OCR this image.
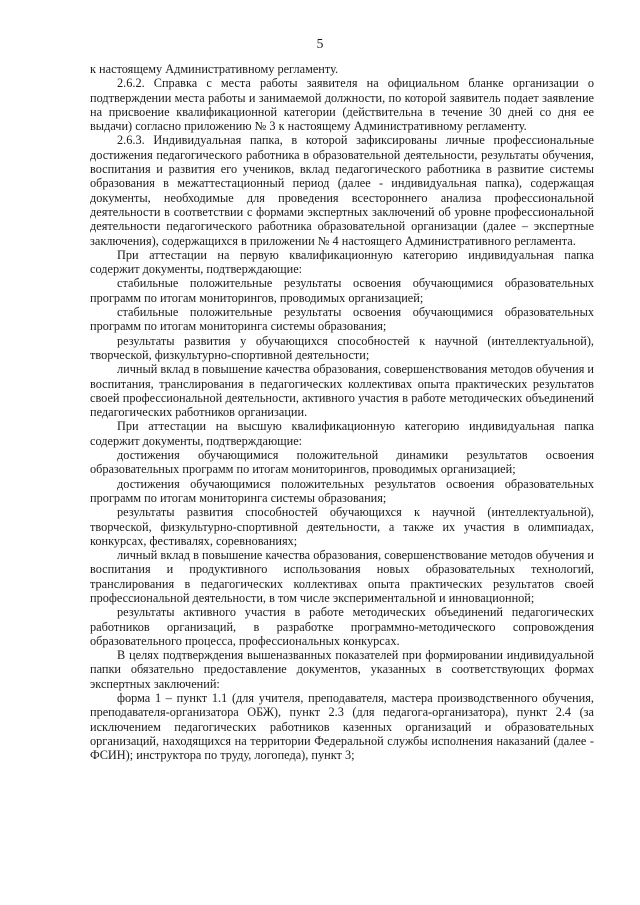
5

к настоящему Административному регламенту.

2.6.2. Справка с места работы заявителя на официальном бланке организации о подтверждении места работы и занимаемой должности, по которой заявитель подает заявление на присвоение квалификационной категории (действительна в течение 30 дней со дня ее выдачи) согласно приложению № 3 к настоящему Административному регламенту.

2.6.3. Индивидуальная папка, в которой зафиксированы личные профессиональные достижения педагогического работника в образовательной деятельности, результаты обучения, воспитания и развития его учеников, вклад педагогического работника в развитие системы образования в межаттестационный период (далее - индивидуальная папка), содержащая документы, необходимые для проведения всестороннего анализа профессиональной деятельности в соответствии с формами экспертных заключений об уровне профессиональной деятельности педагогического работника образовательной организации (далее – экспертные заключения), содержащихся в приложении № 4 настоящего Административного регламента.

При аттестации на первую квалификационную категорию индивидуальная папка содержит документы, подтверждающие:

стабильные положительные результаты освоения обучающимися образовательных программ по итогам мониторингов, проводимых организацией;

стабильные положительные результаты освоения обучающимися образовательных программ по итогам мониторинга системы образования;

результаты развития у обучающихся способностей к научной (интеллектуальной), творческой, физкультурно-спортивной деятельности;

личный вклад в повышение качества образования, совершенствования методов обучения и воспитания, транслирования в педагогических коллективах опыта практических результатов своей профессиональной деятельности, активного участия в работе методических объединений педагогических работников организации.

При аттестации на высшую квалификационную категорию индивидуальная папка содержит документы, подтверждающие:

достижения обучающимися положительной динамики результатов освоения образовательных программ по итогам мониторингов, проводимых организацией;

достижения обучающимися положительных результатов освоения образовательных программ по итогам мониторинга системы образования;

результаты развития способностей обучающихся к научной (интеллектуальной), творческой, физкультурно-спортивной деятельности, а также их участия в олимпиадах, конкурсах, фестивалях, соревнованиях;

личный вклад в повышение качества образования, совершенствование методов обучения и воспитания и продуктивного использования новых образовательных технологий, транслирования в педагогических коллективах опыта практических результатов своей профессиональной деятельности, в том числе экспериментальной и инновационной;

результаты активного участия в работе методических объединений педагогических работников организаций, в разработке программно-методического сопровождения образовательного процесса, профессиональных конкурсах.

В целях подтверждения вышеназванных показателей при формировании индивидуальной папки обязательно предоставление документов, указанных в соответствующих формах экспертных заключений:

форма 1 – пункт 1.1 (для учителя, преподавателя, мастера производственного обучения, преподавателя-организатора ОБЖ), пункт 2.3 (для педагога-организатора), пункт 2.4 (за исключением педагогических работников казенных организаций и образовательных организаций, находящихся на территории Федеральной службы исполнения наказаний (далее - ФСИН); инструктора по труду, логопеда), пункт 3;
